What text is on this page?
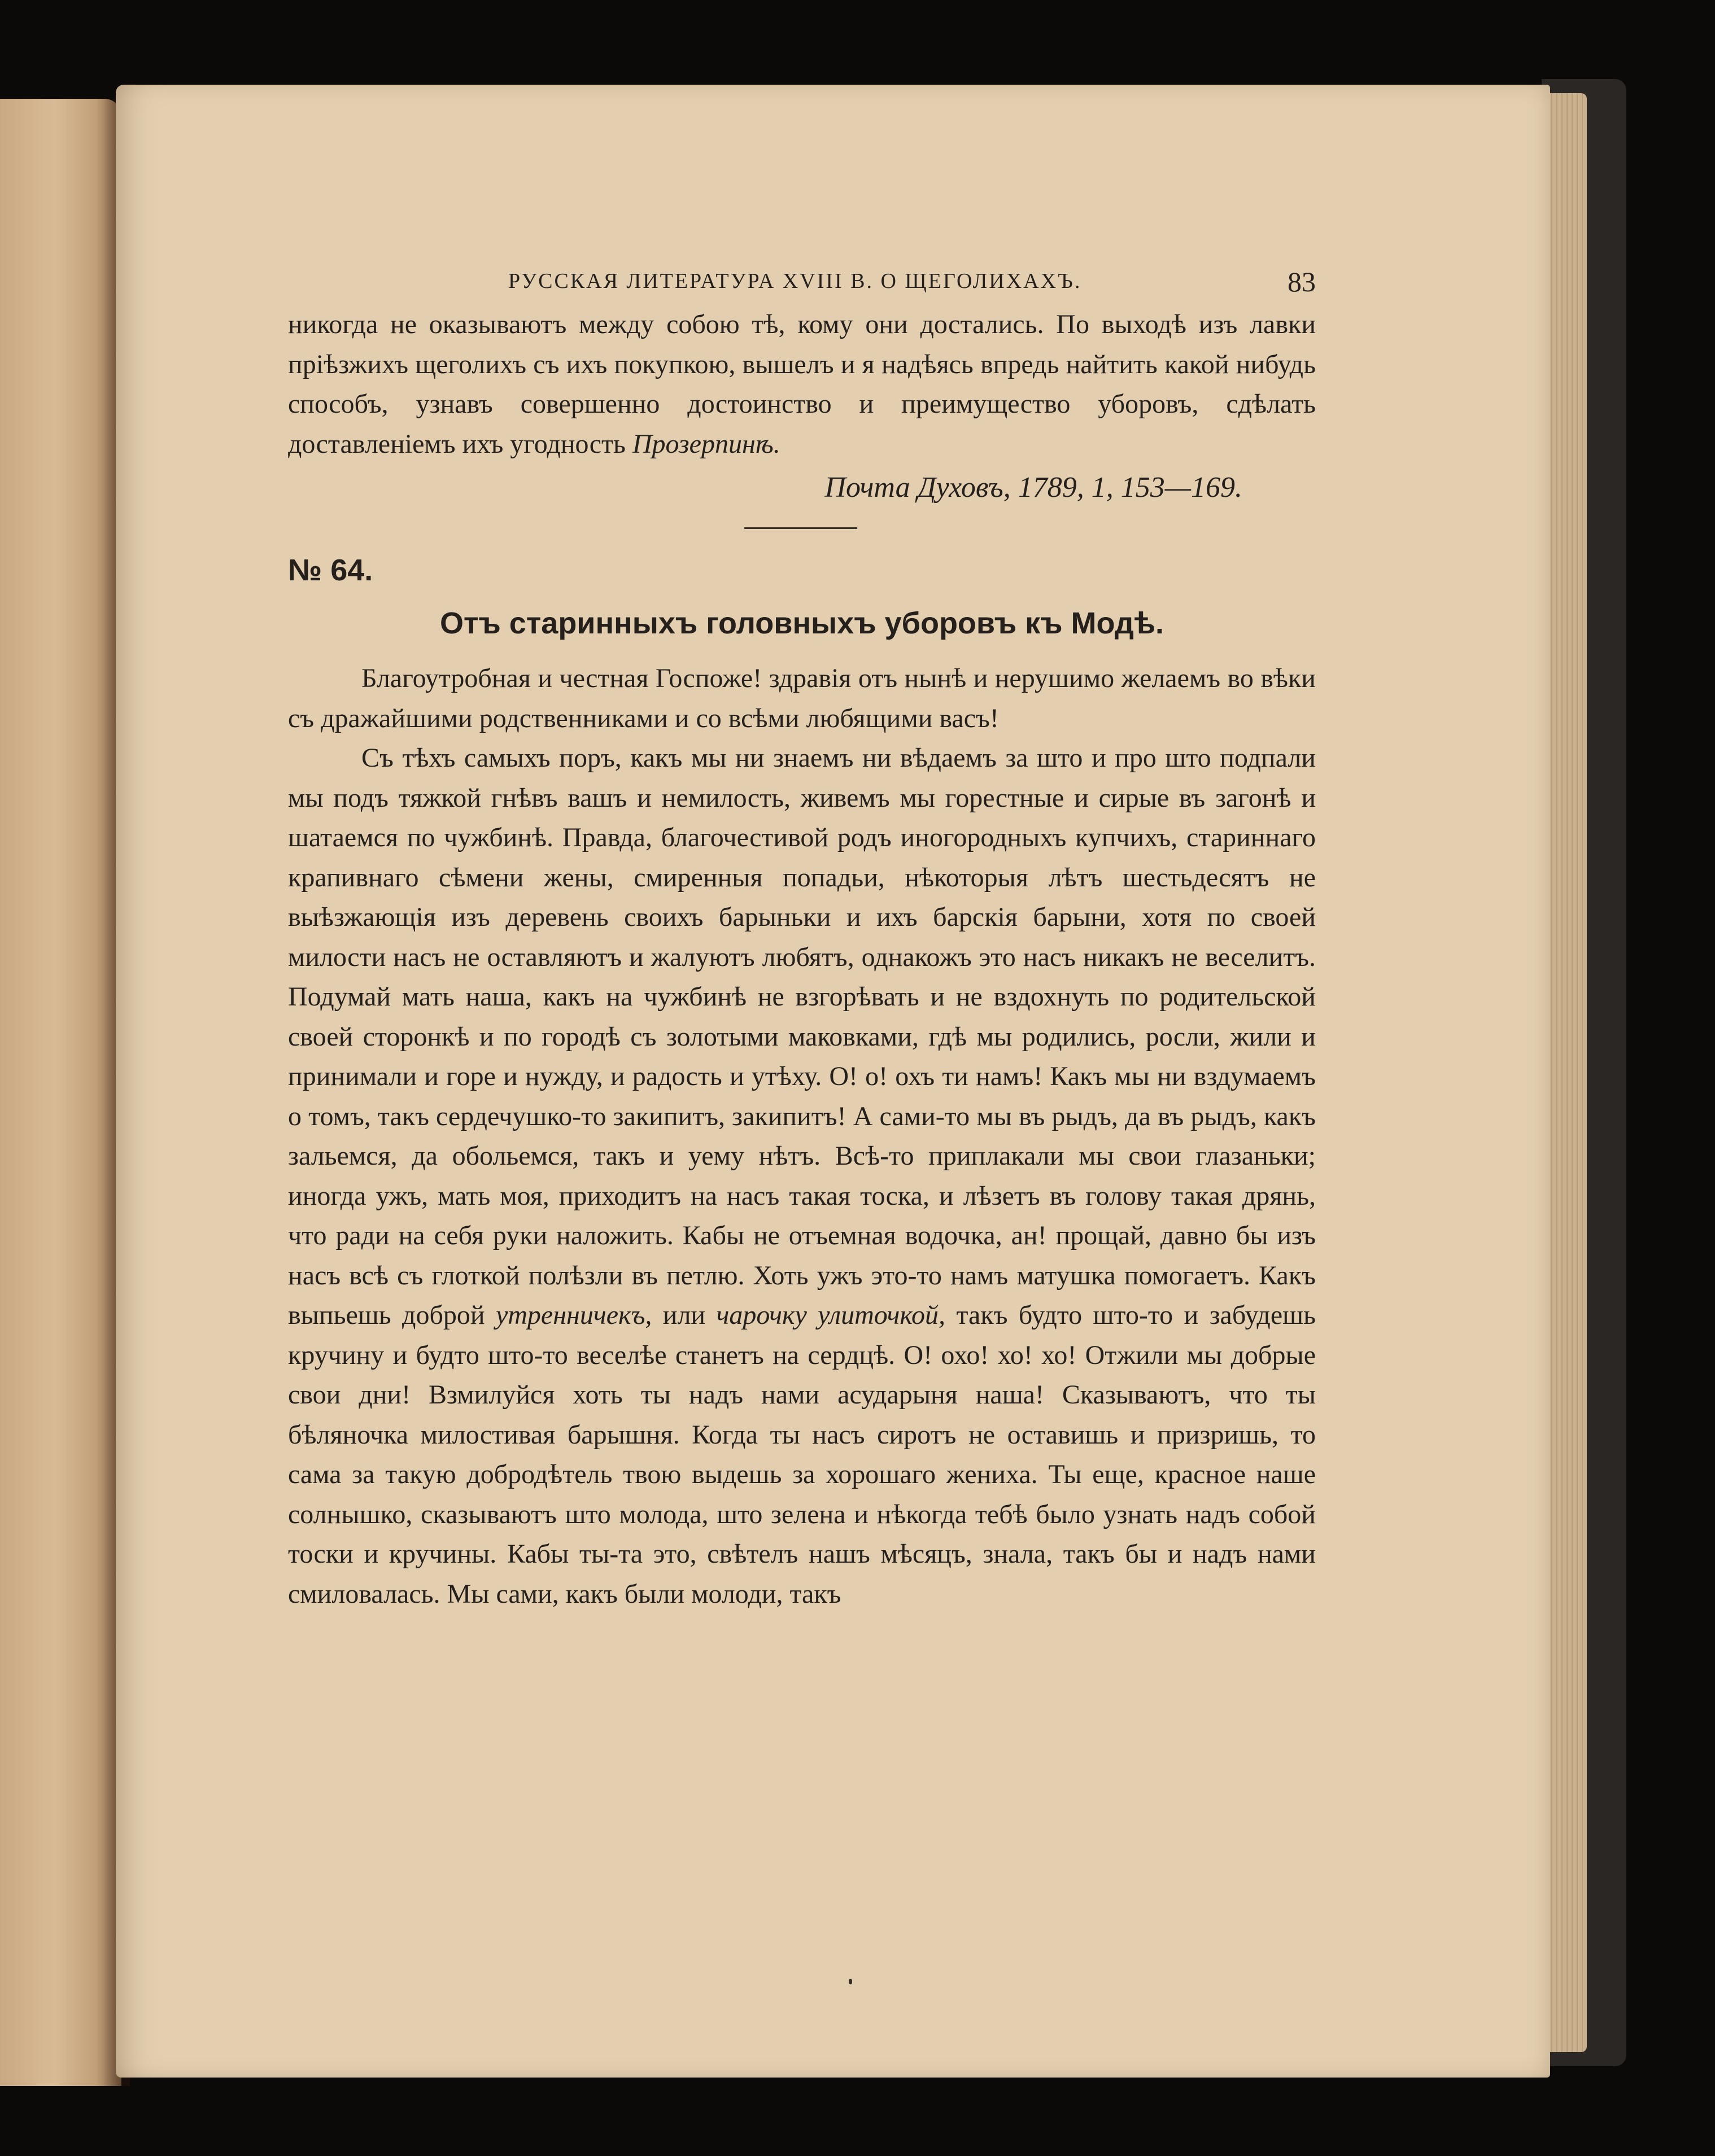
РУССКАЯ ЛИТЕРАТУРА XVIII В. О ЩЕГОЛИХАХЪ.	83

никогда не оказываютъ между собою тѣ, кому они достались. По выходѣ изъ лавки пріѣзжихъ щеголихъ съ ихъ покупкою, вышелъ и я надѣясь впредь найтить какой нибудь способъ, узнавъ совершенно достоинство и преимущество уборовъ, сдѣлать доставленіемъ ихъ угодность Прозерпинѣ.

Почта Духовъ, 1789, 1, 153—169.
№ 64.
Отъ старинныхъ головныхъ уборовъ къ Модѣ.

Благоутробная и честная Госпоже! здравія отъ нынѣ и нерушимо желаемъ во вѣки съ дражайшими родственниками и со всѣми любящими васъ!

Съ тѣхъ самыхъ поръ, какъ мы ни знаемъ ни вѣдаемъ за што и про што подпали мы подъ тяжкой гнѣвъ вашъ и немилость, живемъ мы горестные и сирые въ загонѣ и шатаемся по чужбинѣ. Правда, благочестивой родъ иногородныхъ купчихъ, стариннаго крапивнаго сѣмени жены, смиренныя попадьи, нѣкоторыя лѣтъ шестьдесятъ не выѣзжающія изъ деревень своихъ барыньки и ихъ барскія барыни, хотя по своей милости насъ не оставляютъ и жалуютъ любятъ, однакожъ это насъ никакъ не веселитъ. Подумай мать наша, какъ на чужбинѣ не взгорѣвать и не вздохнуть по родительской своей сторонкѣ и по городѣ съ золотыми маковками, гдѣ мы родились, росли, жили и принимали и горе и нужду, и радость и утѣху. О! о! охъ ти намъ! Какъ мы ни вздумаемъ о томъ, такъ сердечушко-то закипитъ, закипитъ! А сами-то мы въ рыдъ, да въ рыдъ, какъ зальемся, да обольемся, такъ и уему нѣтъ. Всѣ-то приплакали мы свои глазаньки; иногда ужъ, мать моя, приходитъ на насъ такая тоска, и лѣзетъ въ голову такая дрянь, что ради на себя руки наложить. Кабы не отъемная водочка, ан! прощай, давно бы изъ насъ всѣ съ глоткой полѣзли въ петлю. Хоть ужъ это-то намъ матушка помогаетъ. Какъ выпьешь доброй утренничекъ, или чарочку улиточкой, такъ будто што-то и забудешь кручину и будто што-то веселѣе станетъ на сердцѣ. О! охо! хо! хо! Отжили мы добрые свои дни! Взмилуйся хоть ты надъ нами асударыня наша! Сказываютъ, что ты бѣляночка милостивая барышня. Когда ты насъ сиротъ не оставишь и призришь, то сама за такую добродѣтель твою выдешь за хорошаго жениха. Ты еще, красное наше солнышко, сказываютъ што молода, што зелена и нѣкогда тебѣ было узнать надъ собой тоски и кручины. Кабы ты-та это, свѣтелъ нашъ мѣсяцъ, знала, такъ бы и надъ нами смиловалась. Мы сами, какъ были молоди, такъ
